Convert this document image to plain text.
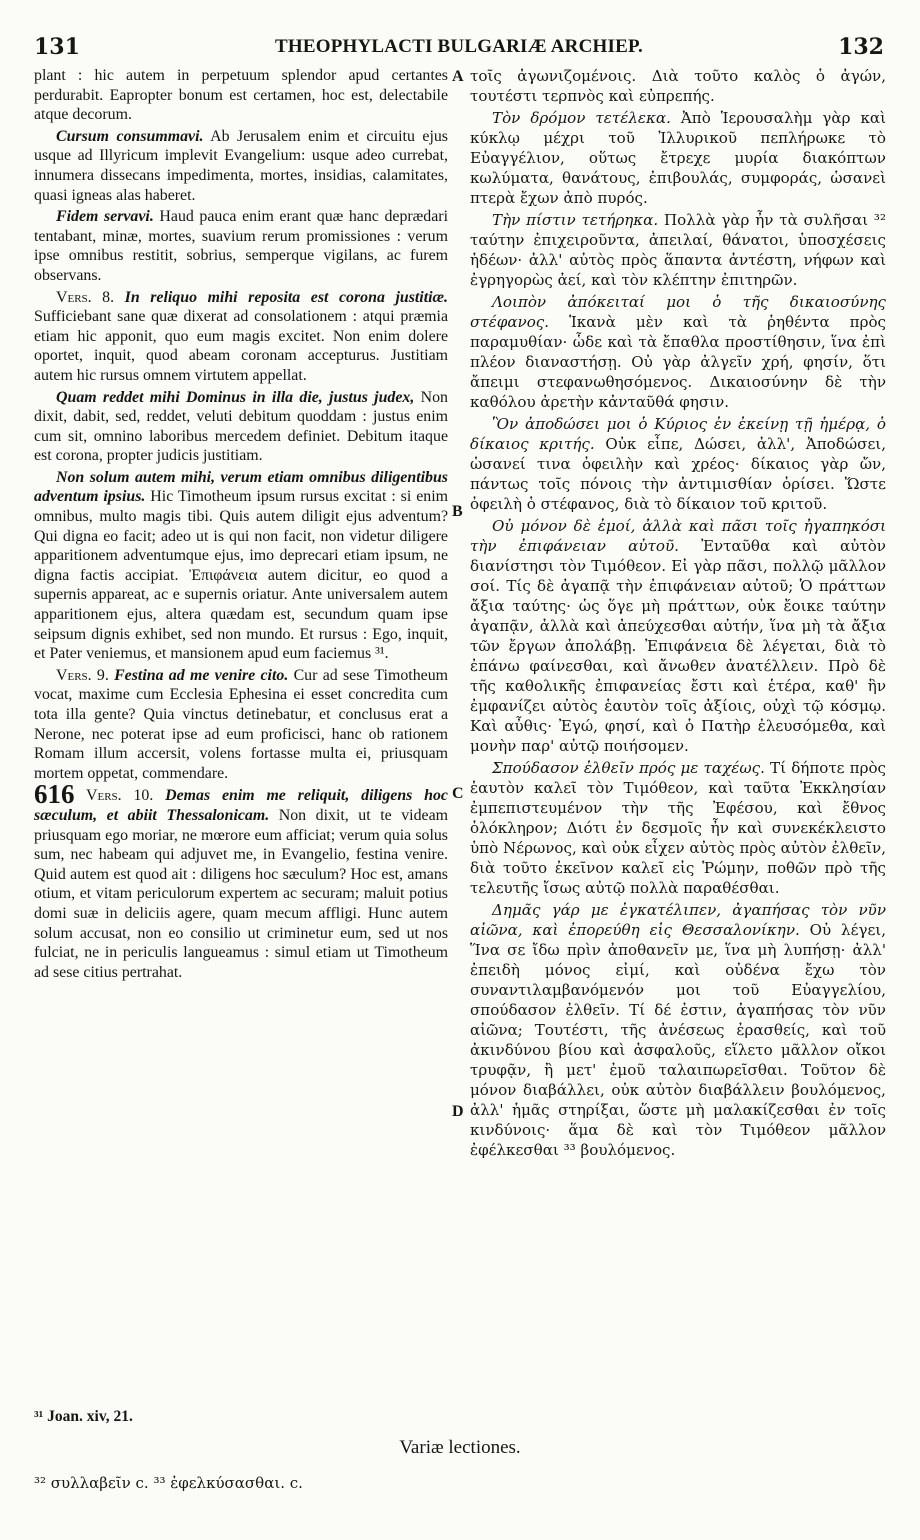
131	THEOPHYLACTI BULGARIÆ ARCHIEP.	132

plant : hic autem in perpetuum splendor apud certantes perdurabit. Eapropter bonum est certamen, hoc est, delectabile atque decorum.

Cursum consummavi. Ab Jerusalem enim et circuitu ejus usque ad Illyricum implevit Evangelium: usque adeo currebat, innumera dissecans impedimenta, mortes, insidias, calamitates, quasi igneas alas haberet.

Fidem servavi. Haud pauca enim erant quæ hanc deprædari tentabant, minæ, mortes, suavium rerum promissiones : verum ipse omnibus restitit, sobrius, semperque vigilans, ac furem observans.

Vers. 8. In reliquo mihi reposita est corona justitiæ. Sufficiebant sane quæ dixerat ad consolationem : atqui præmia etiam hic apponit, quo eum magis excitet. Non enim dolere oportet, inquit, quod abeam coronam accepturus. Justitiam autem hic rursus omnem virtutem appellat.

Quam reddet mihi Dominus in illa die, justus judex, Non dixit, dabit, sed, reddet, veluti debitum quoddam : justus enim cum sit, omnino laboribus mercedem definiet. Debitum itaque est corona, propter judicis justitiam.

Non solum autem mihi, verum etiam omnibus diligentibus adventum ipsius. Hic Timotheum ipsum rursus excitat : si enim omnibus, multo magis tibi. Quis autem diligit ejus adventum? Qui digna eo facit; adeo ut is qui non facit, non videtur diligere apparitionem adventumque ejus, imo deprecari etiam ipsum, ne digna factis accipiat. Ἐπιφάνεια autem dicitur, eo quod a supernis appareat, ac e supernis oriatur. Ante universalem autem apparitionem ejus, altera quædam est, secundum quam ipse seipsum dignis exhibet, sed non mundo. Et rursus : Ego, inquit, et Pater veniemus, et mansionem apud eum faciemus ³¹.

Vers. 9. Festina ad me venire cito. Cur ad sese Timotheum vocat, maxime cum Ecclesia Ephesina ei esset concredita cum tota illa gente? Quia vinctus detinebatur, et conclusus erat a Nerone, nec poterat ipse ad eum proficisci, hanc ob rationem Romam illum accersit, volens fortasse multa ei, priusquam mortem oppetat, commendare.

616 Vers. 10. Demas enim me reliquit, diligens hoc sæculum, et abiit Thessalonicam. Non dixit, ut te videam priusquam ego moriar, ne mœrore eum afficiat; verum quia solus sum, nec habeam qui adjuvet me, in Evangelio, festina venire. Quid autem est quod ait : diligens hoc sæculum? Hoc est, amans otium, et vitam periculorum expertem ac securam; maluit potius domi suæ in deliciis agere, quam mecum affligi. Hunc autem solum accusat, non eo consilio ut criminetur eum, sed ut nos fulciat, ne in periculis langueamus : simul etiam ut Timotheum ad sese citius pertrahat.

A
B
C
D

τοῖς ἀγωνιζομένοις. Διὰ τοῦτο καλὸς ὁ ἀγών, τουτέστι τερπνὸς καὶ εὐπρεπής.

Τὸν δρόμον τετέλεκα. Ἀπὸ Ἱερουσαλὴμ γὰρ καὶ κύκλῳ μέχρι τοῦ Ἰλλυρικοῦ πεπλήρωκε τὸ Εὐαγγέλιον, οὕτως ἔτρεχε μυρία διακόπτων κωλύματα, θανάτους, ἐπιβουλάς, συμφοράς, ὡσανεὶ πτερὰ ἔχων ἀπὸ πυρός.

Τὴν πίστιν τετήρηκα. Πολλὰ γὰρ ἦν τὰ συλῆσαι ³² ταύτην ἐπιχειροῦντα, ἀπειλαί, θάνατοι, ὑποσχέσεις ἡδέων· ἀλλ' αὐτὸς πρὸς ἅπαντα ἀντέστη, νήφων καὶ ἐγρηγορὼς ἀεί, καὶ τὸν κλέπτην ἐπιτηρῶν.

Λοιπὸν ἀπόκειταί μοι ὁ τῆς δικαιοσύνης στέφανος. Ἱκανὰ μὲν καὶ τὰ ῥηθέντα πρὸς παραμυθίαν· ὧδε καὶ τὰ ἔπαθλα προστίθησιν, ἵνα ἐπὶ πλέον διαναστήσῃ. Οὐ γὰρ ἀλγεῖν χρή, φησίν, ὅτι ἄπειμι στεφανωθησόμενος. Δικαιοσύνην δὲ τὴν καθόλου ἀρετὴν κἀνταῦθά φησιν.

Ὃν ἀποδώσει μοι ὁ Κύριος ἐν ἐκείνῃ τῇ ἡμέρᾳ, ὁ δίκαιος κριτής. Οὐκ εἶπε, Δώσει, ἀλλ', Ἀποδώσει, ὡσανεί τινα ὀφειλὴν καὶ χρέος· δίκαιος γὰρ ὤν, πάντως τοῖς πόνοις τὴν ἀντιμισθίαν ὁρίσει. Ὥστε ὀφειλὴ ὁ στέφανος, διὰ τὸ δίκαιον τοῦ κριτοῦ.

Οὐ μόνον δὲ ἐμοί, ἀλλὰ καὶ πᾶσι τοῖς ἠγαπηκόσι τὴν ἐπιφάνειαν αὐτοῦ. Ἐνταῦθα καὶ αὐτὸν διανίστησι τὸν Τιμόθεον. Εἰ γὰρ πᾶσι, πολλῷ μᾶλλον σοί. Τίς δὲ ἀγαπᾷ τὴν ἐπιφάνειαν αὐτοῦ; Ὁ πράττων ἄξια ταύτης· ὡς ὅγε μὴ πράττων, οὐκ ἔοικε ταύτην ἀγαπᾷν, ἀλλὰ καὶ ἀπεύχεσθαι αὐτήν, ἵνα μὴ τὰ ἄξια τῶν ἔργων ἀπολάβῃ. Ἐπιφάνεια δὲ λέγεται, διὰ τὸ ἐπάνω φαίνεσθαι, καὶ ἄνωθεν ἀνατέλλειν. Πρὸ δὲ τῆς καθολικῆς ἐπιφανείας ἔστι καὶ ἑτέρα, καθ' ἣν ἐμφανίζει αὐτὸς ἑαυτὸν τοῖς ἀξίοις, οὐχὶ τῷ κόσμῳ. Καὶ αὖθις· Ἐγώ, φησί, καὶ ὁ Πατὴρ ἐλευσόμεθα, καὶ μονὴν παρ' αὐτῷ ποιήσομεν.

Σπούδασον ἐλθεῖν πρός με ταχέως. Τί δήποτε πρὸς ἑαυτὸν καλεῖ τὸν Τιμόθεον, καὶ ταῦτα Ἐκκλησίαν ἐμπεπιστευμένον τὴν τῆς Ἐφέσου, καὶ ἔθνος ὁλόκληρον; Διότι ἐν δεσμοῖς ἦν καὶ συνεκέκλειστο ὑπὸ Νέρωνος, καὶ οὐκ εἶχεν αὐτὸς πρὸς αὐτὸν ἐλθεῖν, διὰ τοῦτο ἐκεῖνον καλεῖ εἰς Ῥώμην, ποθῶν πρὸ τῆς τελευτῆς ἴσως αὐτῷ πολλὰ παραθέσθαι.

Δημᾶς γάρ με ἐγκατέλιπεν, ἀγαπήσας τὸν νῦν αἰῶνα, καὶ ἐπορεύθη εἰς Θεσσαλονίκην. Οὐ λέγει, Ἵνα σε ἴδω πρὶν ἀποθανεῖν με, ἵνα μὴ λυπήσῃ· ἀλλ' ἐπειδὴ μόνος εἰμί, καὶ οὐδένα ἔχω τὸν συναντιλαμβανόμενόν μοι τοῦ Εὐαγγελίου, σπούδασον ἐλθεῖν. Τί δέ ἐστιν, ἀγαπήσας τὸν νῦν αἰῶνα; Τουτέστι, τῆς ἀνέσεως ἐρασθείς, καὶ τοῦ ἀκινδύνου βίου καὶ ἀσφαλοῦς, εἵλετο μᾶλλον οἴκοι τρυφᾷν, ἢ μετ' ἐμοῦ ταλαιπωρεῖσθαι. Τοῦτον δὲ μόνον διαβάλλει, οὐκ αὐτὸν διαβάλλειν βουλόμενος, ἀλλ' ἡμᾶς στηρίξαι, ὥστε μὴ μαλακίζεσθαι ἐν τοῖς κινδύνοις· ἅμα δὲ καὶ τὸν Τιμόθεον μᾶλλον ἐφέλκεσθαι ³³ βουλόμενος.

³¹ Joan. xiv, 21.
Variæ lectiones.
³² συλλαβεῖν c. ³³ ἐφελκύσασθαι. c.
